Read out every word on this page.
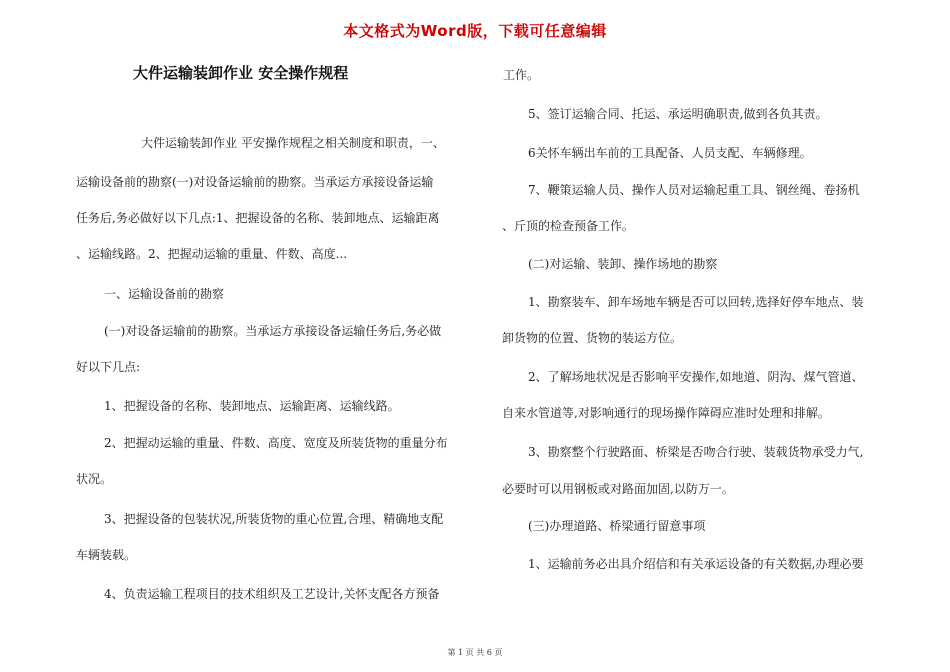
本文格式为Word版，下载可任意编辑
大件运输装卸作业 安全操作规程

大件运输装卸作业 平安操作规程之相关制度和职责，一、

运输设备前的勘察(一)对设备运输前的勘察。当承运方承接设备运输

任务后,务必做好以下几点:1、把握设备的名称、装卸地点、运输距离

、运输线路。2、把握动运输的重量、件数、高度...

一、运输设备前的勘察

(一)对设备运输前的勘察。当承运方承接设备运输任务后,务必做

好以下几点:

1、把握设备的名称、装卸地点、运输距离、运输线路。

2、把握动运输的重量、件数、高度、宽度及所装货物的重量分布

状况。

3、把握设备的包装状况,所装货物的重心位置,合理、精确地支配

车辆装载。

4、负责运输工程项目的技术组织及工艺设计,关怀支配各方预备

工作。

5、签订运输合同、托运、承运明确职责,做到各负其责。

6关怀车辆出车前的工具配备、人员支配、车辆修理。

7、鞭策运输人员、操作人员对运输起重工具、钢丝绳、卷扬机

、斤顶的检查预备工作。

(二)对运输、装卸、操作场地的勘察

1、勘察装车、卸车场地车辆是否可以回转,选择好停车地点、装

卸货物的位置、货物的装运方位。

2、了解场地状况是否影响平安操作,如地道、阴沟、煤气管道、

自来水管道等,对影响通行的现场操作障碍应准时处理和排解。

3、勘察整个行驶路面、桥梁是否吻合行驶、装载货物承受力气,

必要时可以用钢板或对路面加固,以防万一。

(三)办理道路、桥梁通行留意事项

1、运输前务必出具介绍信和有关承运设备的有关数据,办理必要

第 1 页 共 6 页
